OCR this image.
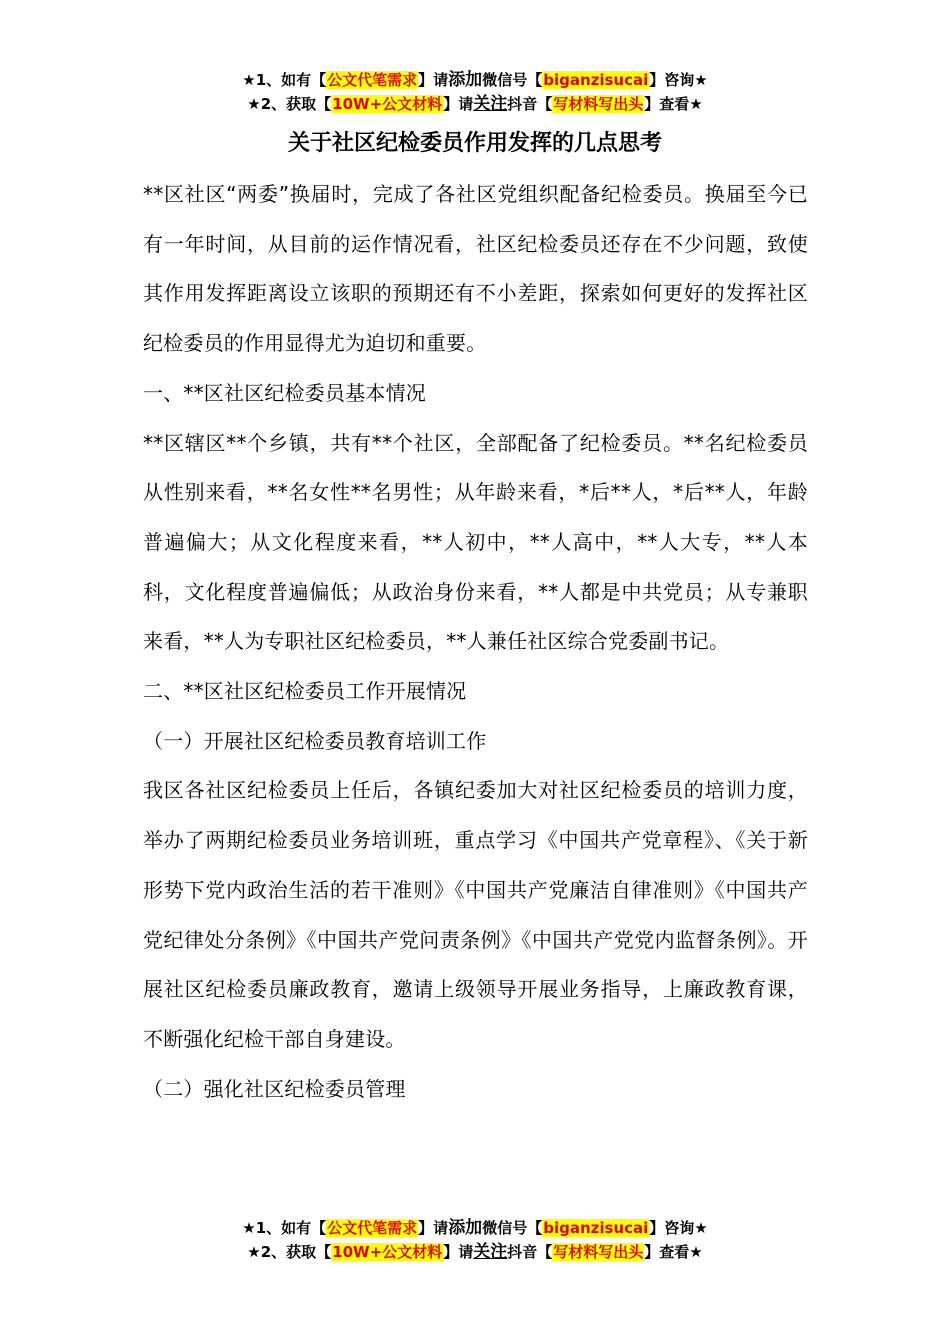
★1、如有【公文代笔需求】请添加微信号【biganzisucai】咨询★
★2、获取【10W+公文材料】请关注抖音【写材料写出头】查看★
关于社区纪检委员作用发挥的几点思考

**区社区“两委”换届时，完成了各社区党组织配备纪检委员。换届至今已有一年时间，从目前的运作情况看，社区纪检委员还存在不少问题，致使其作用发挥距离设立该职的预期还有不小差距，探索如何更好的发挥社区纪检委员的作用显得尤为迫切和重要。

一、**区社区纪检委员基本情况

**区辖区**个乡镇，共有**个社区，全部配备了纪检委员。**名纪检委员从性别来看，**名女性**名男性；从年龄来看，*后**人，*后**人，年龄普遍偏大；从文化程度来看，**人初中，**人高中，**人大专，**人本科，文化程度普遍偏低；从政治身份来看，**人都是中共党员；从专兼职来看，**人为专职社区纪检委员，**人兼任社区综合党委副书记。

二、**区社区纪检委员工作开展情况

（一）开展社区纪检委员教育培训工作

我区各社区纪检委员上任后，各镇纪委加大对社区纪检委员的培训力度，举办了两期纪检委员业务培训班，重点学习《中国共产党章程》、《关于新形势下党内政治生活的若干准则》《中国共产党廉洁自律准则》《中国共产党纪律处分条例》《中国共产党问责条例》《中国共产党党内监督条例》。开展社区纪检委员廉政教育，邀请上级领导开展业务指导，上廉政教育课，不断强化纪检干部自身建设。

（二）强化社区纪检委员管理

★1、如有【公文代笔需求】请添加微信号【biganzisucai】咨询★
★2、获取【10W+公文材料】请关注抖音【写材料写出头】查看★
